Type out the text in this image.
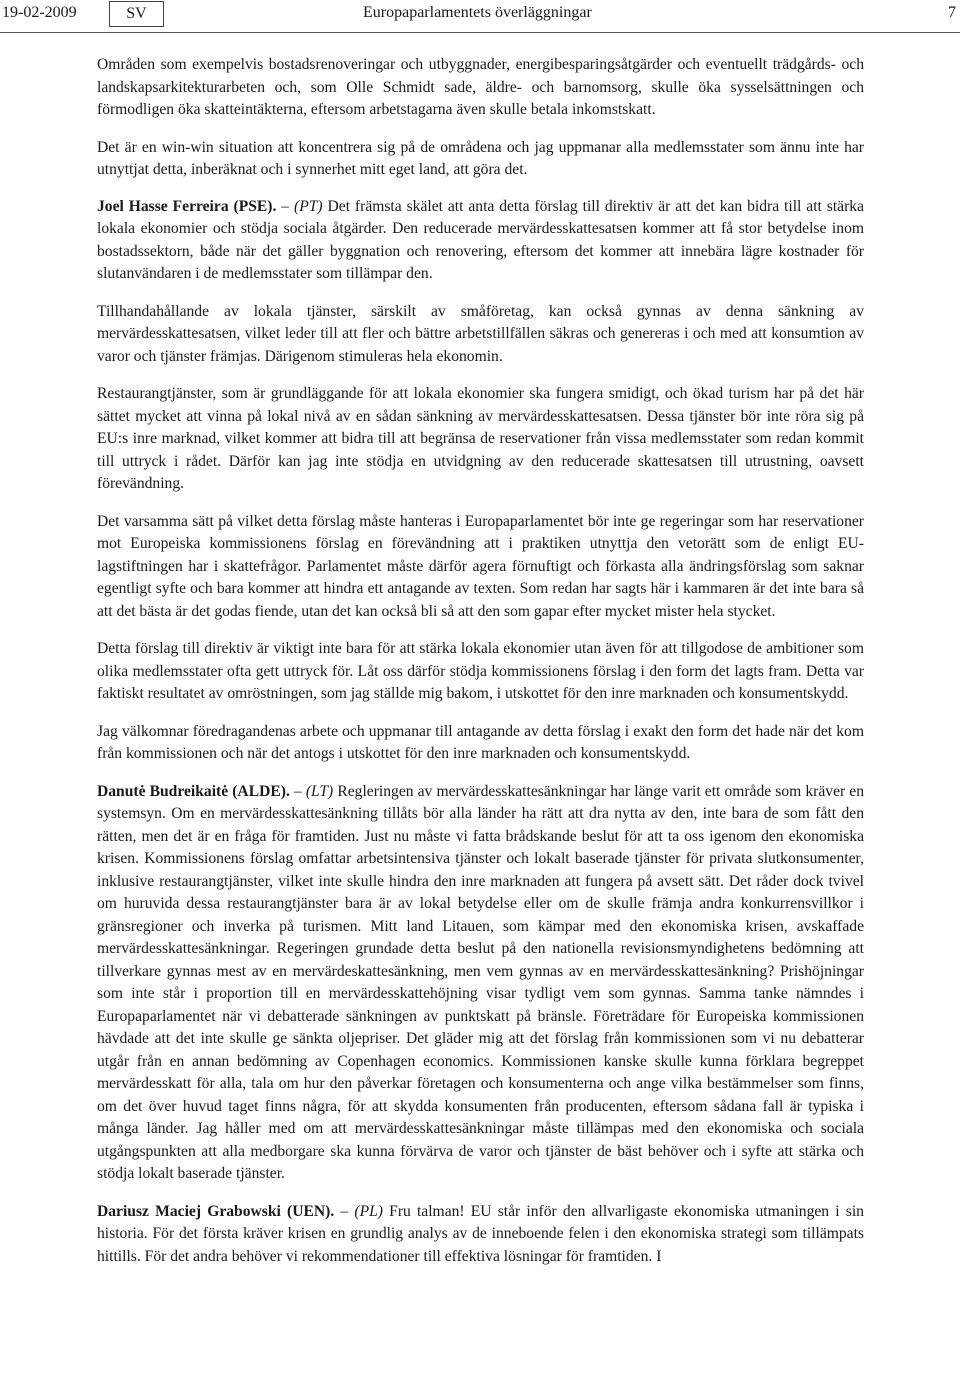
19-02-2009	SV	Europaparlamentets överläggningar	7

Områden som exempelvis bostadsrenoveringar och utbyggnader, energibesparingsåtgärder och eventuellt trädgårds- och landskapsarkitekturarbeten och, som Olle Schmidt sade, äldre- och barnomsorg, skulle öka sysselsättningen och förmodligen öka skatteintäkterna, eftersom arbetstagarna även skulle betala inkomstskatt.

Det är en win-win situation att koncentrera sig på de områdena och jag uppmanar alla medlemsstater som ännu inte har utnyttjat detta, inberäknat och i synnerhet mitt eget land, att göra det.

Joel Hasse Ferreira (PSE). – (PT) Det främsta skälet att anta detta förslag till direktiv är att det kan bidra till att stärka lokala ekonomier och stödja sociala åtgärder. Den reducerade mervärdesskattesatsen kommer att få stor betydelse inom bostadssektorn, både när det gäller byggnation och renovering, eftersom det kommer att innebära lägre kostnader för slutanvändaren i de medlemsstater som tillämpar den.

Tillhandahållande av lokala tjänster, särskilt av småföretag, kan också gynnas av denna sänkning av mervärdesskattesatsen, vilket leder till att fler och bättre arbetstillfällen säkras och genereras i och med att konsumtion av varor och tjänster främjas. Därigenom stimuleras hela ekonomin.

Restaurangtjänster, som är grundläggande för att lokala ekonomier ska fungera smidigt, och ökad turism har på det här sättet mycket att vinna på lokal nivå av en sådan sänkning av mervärdesskattesatsen. Dessa tjänster bör inte röra sig på EU:s inre marknad, vilket kommer att bidra till att begränsa de reservationer från vissa medlemsstater som redan kommit till uttryck i rådet. Därför kan jag inte stödja en utvidgning av den reducerade skattesatsen till utrustning, oavsett förevändning.

Det varsamma sätt på vilket detta förslag måste hanteras i Europaparlamentet bör inte ge regeringar som har reservationer mot Europeiska kommissionens förslag en förevändning att i praktiken utnyttja den vetorätt som de enligt EU-lagstiftningen har i skattefrågor. Parlamentet måste därför agera förnuftigt och förkasta alla ändringsförslag som saknar egentligt syfte och bara kommer att hindra ett antagande av texten. Som redan har sagts här i kammaren är det inte bara så att det bästa är det godas fiende, utan det kan också bli så att den som gapar efter mycket mister hela stycket.

Detta förslag till direktiv är viktigt inte bara för att stärka lokala ekonomier utan även för att tillgodose de ambitioner som olika medlemsstater ofta gett uttryck för. Låt oss därför stödja kommissionens förslag i den form det lagts fram. Detta var faktiskt resultatet av omröstningen, som jag ställde mig bakom, i utskottet för den inre marknaden och konsumentskydd.

Jag välkomnar föredragandenas arbete och uppmanar till antagande av detta förslag i exakt den form det hade när det kom från kommissionen och när det antogs i utskottet för den inre marknaden och konsumentskydd.

Danutė Budreikaitė (ALDE). – (LT) Regleringen av mervärdesskattesänkningar har länge varit ett område som kräver en systemsyn. Om en mervärdesskattesänkning tillåts bör alla länder ha rätt att dra nytta av den, inte bara de som fått den rätten, men det är en fråga för framtiden. Just nu måste vi fatta brådskande beslut för att ta oss igenom den ekonomiska krisen. Kommissionens förslag omfattar arbetsintensiva tjänster och lokalt baserade tjänster för privata slutkonsumenter, inklusive restaurangtjänster, vilket inte skulle hindra den inre marknaden att fungera på avsett sätt. Det råder dock tvivel om huruvida dessa restaurangtjänster bara är av lokal betydelse eller om de skulle främja andra konkurrensvillkor i gränsregioner och inverka på turismen. Mitt land Litauen, som kämpar med den ekonomiska krisen, avskaffade mervärdesskattesänkningar. Regeringen grundade detta beslut på den nationella revisionsmyndighetens bedömning att tillverkare gynnas mest av en mervärdeskattesänkning, men vem gynnas av en mervärdesskattesänkning? Prishöjningar som inte står i proportion till en mervärdesskattehöjning visar tydligt vem som gynnas. Samma tanke nämndes i Europaparlamentet när vi debatterade sänkningen av punktskatt på bränsle. Företrädare för Europeiska kommissionen hävdade att det inte skulle ge sänkta oljepriser. Det gläder mig att det förslag från kommissionen som vi nu debatterar utgår från en annan bedömning av Copenhagen economics. Kommissionen kanske skulle kunna förklara begreppet mervärdesskatt för alla, tala om hur den påverkar företagen och konsumenterna och ange vilka bestämmelser som finns, om det över huvud taget finns några, för att skydda konsumenten från producenten, eftersom sådana fall är typiska i många länder. Jag håller med om att mervärdesskattesänkningar måste tillämpas med den ekonomiska och sociala utgångspunkten att alla medborgare ska kunna förvärva de varor och tjänster de bäst behöver och i syfte att stärka och stödja lokalt baserade tjänster.

Dariusz Maciej Grabowski (UEN). – (PL) Fru talman! EU står inför den allvarligaste ekonomiska utmaningen i sin historia. För det första kräver krisen en grundlig analys av de inneboende felen i den ekonomiska strategi som tillämpats hittills. För det andra behöver vi rekommendationer till effektiva lösningar för framtiden. I
